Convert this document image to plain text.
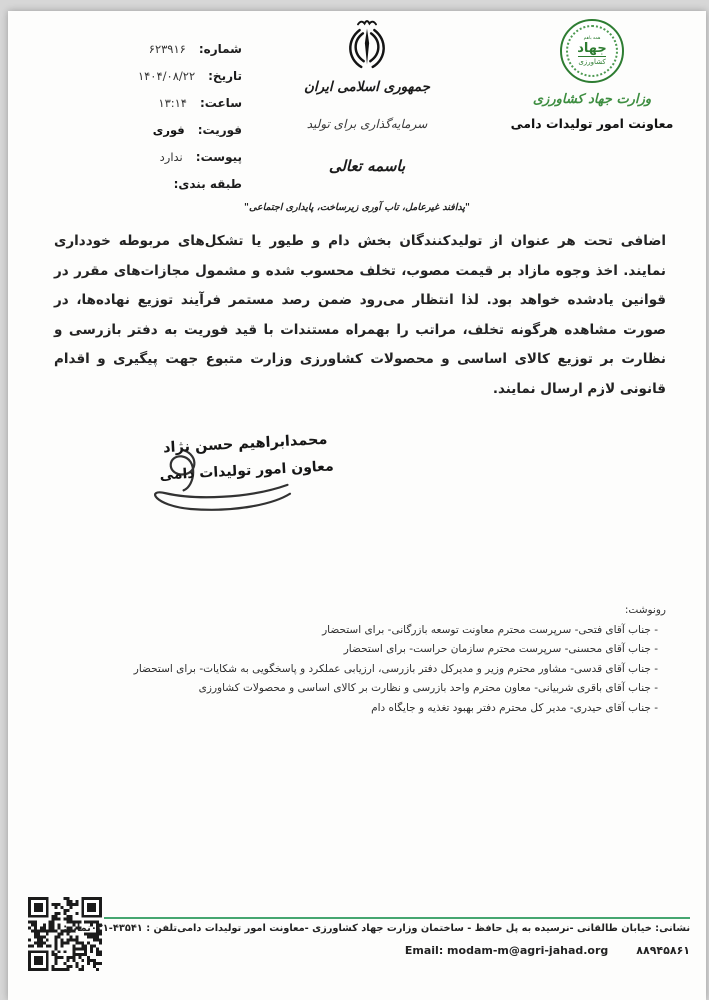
شماره:
۶۲۳۹۱۶
تاریخ:
۱۴۰۴/۰۸/۲۲
ساعت:
۱۳:۱۴
فوریت:
فوری
پیوست:
ندارد
طبقه بندی:
جمهوری اسلامی ایران
سرمایه‌گذاری برای تولید
باسمه تعالی
همه باهم
جهاد
کشاورزی
وزارت جهاد کشاورزی
معاونت امور تولیدات دامی
"پدافند غیرعامل، تاب آوری زیرساخت، پایداری اجتماعی"
اضافی تحت هر عنوان از تولیدکنندگان بخش دام و طیور یا تشکل‌های مربوطه خودداری نمایند. اخذ وجوه مازاد بر قیمت مصوب، تخلف محسوب شده و مشمول مجازات‌های مقرر در قوانین یادشده خواهد بود. لذا انتظار می‌رود ضمن رصد مستمر فرآیند توزیع نهاده‌ها، در صورت مشاهده هرگونه تخلف، مراتب را بهمراه مستندات با قید فوریت به دفتر بازرسی و نظارت بر توزیع کالای اساسی و محصولات کشاورزی وزارت متبوع جهت پیگیری و اقدام قانونی لازم ارسال نمایند.
محمدابراهیم حسن نژاد
معاون امور تولیدات دامی
رونوشت:
- جناب آقای فتحی- سرپرست محترم معاونت توسعه بازرگانی- برای استحضار
- جناب آقای محسنی- سرپرست محترم سازمان حراست- برای استحضار
- جناب آقای قدسی- مشاور محترم وزیر و مدیرکل دفتر بازرسی، ارزیابی عملکرد و پاسخگویی به شکایات- برای استحضار
- جناب آقای باقری شربیانی- معاون محترم واحد بازرسی و نظارت بر کالای اساسی و محصولات کشاورزی
- جناب آقای حیدری- مدیر کل محترم دفتر بهبود تغذیه و جایگاه دام
نشانی: خیابان طالقانی -نرسیده به پل حافظ - ساختمان وزارت جهاد کشاورزی -معاونت امور تولیدات دامی
تلفن : ۴۳۵۴۱-۰۲۱
نمابر:
۸۸۹۴۵۸۶۱
Email: modam-m@agri-jahad.org
